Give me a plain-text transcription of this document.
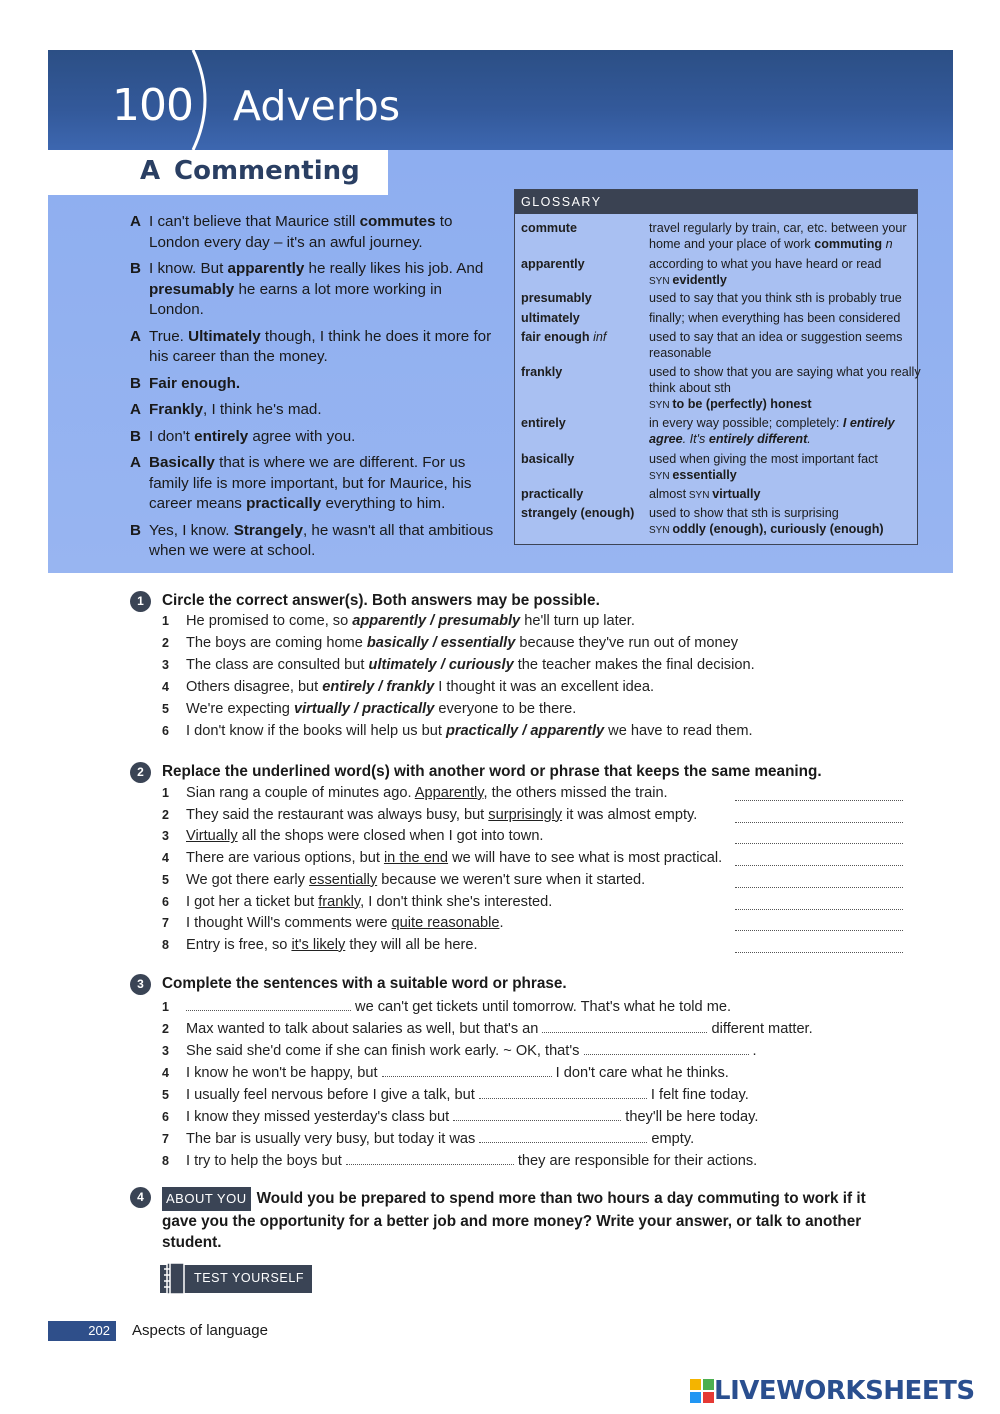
100 Adverbs
A Commenting
A I can't believe that Maurice still commutes to London every day – it's an awful journey.
B I know. But apparently he really likes his job. And presumably he earns a lot more working in London.
A True. Ultimately though, I think he does it more for his career than the money.
B Fair enough.
A Frankly, I think he's mad.
B I don't entirely agree with you.
A Basically that is where we are different. For us family life is more important, but for Maurice, his career means practically everything to him.
B Yes, I know. Strangely, he wasn't all that ambitious when we were at school.
GLOSSARY
commute	travel regularly by train, car, etc. between your home and your place of work commuting n
apparently	according to what you have heard or read
SYN evidently
presumably	used to say that you think sth is probably true
ultimately	finally; when everything has been considered
fair enough inf	used to say that an idea or suggestion seems reasonable
frankly	used to show that you are saying what you really think about sth
SYN to be (perfectly) honest
entirely	in every way possible; completely: I entirely agree. It's entirely different.
basically	used when giving the most important fact
SYN essentially
practically	almost SYN virtually
strangely (enough)	used to show that sth is surprising
SYN oddly (enough), curiously (enough)
1	Circle the correct answer(s). Both answers may be possible.
1 He promised to come, so apparently / presumably he'll turn up later.
2 The boys are coming home basically / essentially because they've run out of money
3 The class are consulted but ultimately / curiously the teacher makes the final decision.
4 Others disagree, but entirely / frankly I thought it was an excellent idea.
5 We're expecting virtually / practically everyone to be there.
6 I don't know if the books will help us but practically / apparently we have to read them.
2	Replace the underlined word(s) with another word or phrase that keeps the same meaning.
1 Sian rang a couple of minutes ago. Apparently, the others missed the train.
2 They said the restaurant was always busy, but surprisingly it was almost empty.
3 Virtually all the shops were closed when I got into town.
4 There are various options, but in the end we will have to see what is most practical.
5 We got there early essentially because we weren't sure when it started.
6 I got her a ticket but frankly, I don't think she's interested.
7 I thought Will's comments were quite reasonable.
8 Entry is free, so it's likely they will all be here.
3	Complete the sentences with a suitable word or phrase.
1	we can't get tickets until tomorrow. That's what he told me.
2 Max wanted to talk about salaries as well, but that's an	different matter.
3 She said she'd come if she can finish work early. ~ OK, that's	.
4 I know he won't be happy, but	I don't care what he thinks.
5 I usually feel nervous before I give a talk, but	I felt fine today.
6 I know they missed yesterday's class but	they'll be here today.
7 The bar is usually very busy, but today it was	empty.
8 I try to help the boys but	they are responsible for their actions.
4	ABOUT YOU Would you be prepared to spend more than two hours a day commuting to work if it gave you the opportunity for a better job and more money? Write your answer, or talk to another student.
TEST YOURSELF
202	Aspects of language
LIVEWORKSHEETS
